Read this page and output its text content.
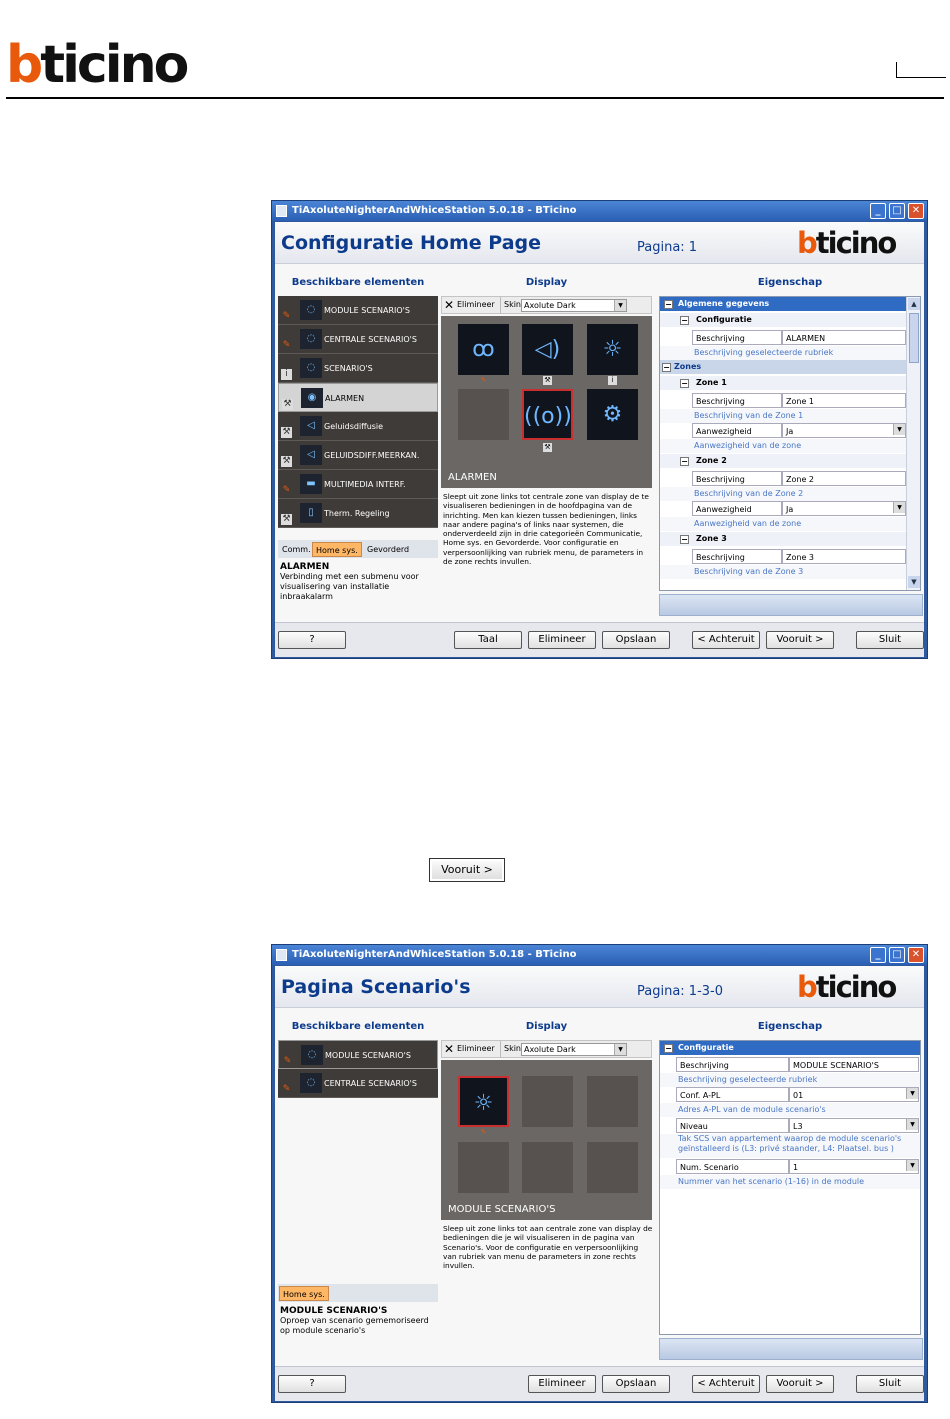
bticino
TiAxoluteNighterAndWhiceStation 5.0.18 - BTicino	_	□	✕
Configuratie Home Page	Pagina: 1	bticino
Beschikbare elementen	Display	Eigenschap
✎
◌	MODULE SCENARIO'S
✎
◌	CENTRALE SCENARIO'S
i
◌	SCENARIO'S
⚒
◉	ALARMEN
⚒
◁	Geluidsdiffusie
⚒
◁	GELUIDSDIFF.MEERKAN.
✎
▬	MULTIMEDIA INTERF.
⚒
▯	Therm. Regeling
Comm. Home sys.	Gevorderd
ALARMEN
Verbinding met een submenu voor visualisering van installatie inbraakalarm
✕ Elimineer	Skin Axolute Dark	▼
ꝏ	◁)	☼
✎	⚒	i
((o))	⚙
⚒
ALARMEN
Sleept uit zone links tot centrale zone van display de te visualiseren bedieningen in de hoofdpagina van de inrichting. Men kan kiezen tussen bedieningen, links naar andere pagina's of links naar systemen, die onderverdeeld zijn in drie categorieën Communicatie, Home sys. en Gevorderde. Voor configuratie en verpersoonlijking van rubriek menu, de parameters in de zone rechts invullen.
− Algemene gegevens
− Configuratie
Beschrijving	ALARMEN
Beschrijving geselecteerde rubriek
− Zones
− Zone 1
Beschrijving	Zone 1
Beschrijving van de Zone 1
Aanwezigheid	Ja	▼
Aanwezigheid van de zone
− Zone 2
Beschrijving	Zone 2
Beschrijving van de Zone 2
Aanwezigheid	Ja	▼
Aanwezigheid van de zone
− Zone 3
Beschrijving	Zone 3
Beschrijving van de Zone 3
▲
▼
?	Taal	Elimineer	Opslaan	< Achteruit	Vooruit >	Sluit
Vooruit >
TiAxoluteNighterAndWhiceStation 5.0.18 - BTicino	_	□	✕
Pagina Scenario's	Pagina: 1-3-0	bticino
Beschikbare elementen	Display	Eigenschap
✎
◌	MODULE SCENARIO'S
✎
◌	CENTRALE SCENARIO'S
Home sys.
MODULE SCENARIO'S
Oproep van scenario gememoriseerd op module scenario's
✕ Elimineer	Skin Axolute Dark	▼
☼
✎
MODULE SCENARIO'S
Sleep uit zone links tot aan centrale zone van display de bedieningen die je wil visualiseren in de pagina van Scenario's. Voor de configuratie en verpersoonlijking van rubriek van menu de parameters in zone rechts invullen.
− Configuratie
Beschrijving	MODULE SCENARIO'S
Beschrijving geselecteerde rubriek
Conf. A-PL	01	▼
Adres A-PL van de module scenario's
Niveau	L3	▼
Tak SCS van appartement waarop de module scenario's geïnstalleerd is (L3: privé staander, L4: Plaatsel. bus )
Num. Scenario	1	▼
Nummer van het scenario (1-16) in de module
?	Elimineer	Opslaan	< Achteruit	Vooruit >	Sluit
